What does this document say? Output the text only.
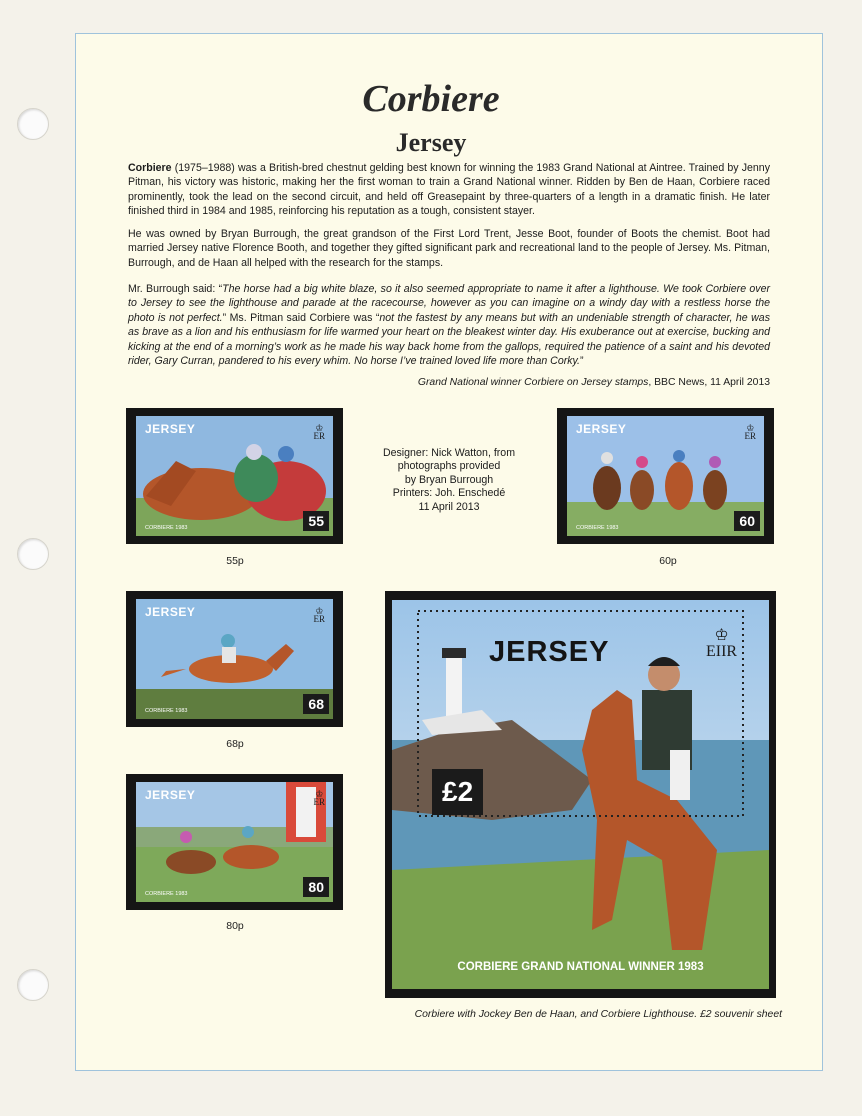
Corbiere
Jersey

Corbiere (1975–1988) was a British-bred chestnut gelding best known for winning the 1983 Grand National at Aintree. Trained by Jenny Pitman, his victory was historic, making her the first woman to train a Grand National winner. Ridden by Ben de Haan, Corbiere raced prominently, took the lead on the second circuit, and held off Greasepaint by three-quarters of a length in a dramatic finish. He later finished third in 1984 and 1985, reinforcing his reputation as a tough, consistent stayer.

He was owned by Bryan Burrough, the great grandson of the First Lord Trent, Jesse Boot, founder of Boots the chemist. Boot had married Jersey native Florence Booth, and together they gifted significant park and recreational land to the people of Jersey. Ms. Pitman, Burrough, and de Haan all helped with the research for the stamps.

Mr. Burrough said: “The horse had a big white blaze, so it also seemed appropriate to name it after a lighthouse. We took Corbiere over to Jersey to see the lighthouse and parade at the racecourse, however as you can imagine on a windy day with a restless horse the photo is not perfect.” Ms. Pitman said Corbiere was “not the fastest by any means but with an undeniable strength of character, he was as brave as a lion and his enthusiasm for life warmed your heart on the bleakest winter day. His exuberance out at exercise, bucking and kicking at the end of a morning’s work as he made his way back home from the gallops, required the patience of a saint and his devoted rider, Gary Curran, pandered to his every whim. No horse I’ve trained loved life more than Corky.”

Grand National winner Corbiere on Jersey stamps, BBC News, 11 April 2013
JERSEY	♔
ER
CORBIERE 1983	55
55p
JERSEY	♔
ER
CORBIERE 1983	60
60p
JERSEY	♔
ER
CORBIERE 1983	68
68p
JERSEY	♔
ER
CORBIERE 1983	80
80p
Designer: Nick Watton, from
photographs provided
by Bryan Burrough
Printers: Joh. Enschedé
11 April 2013
JERSEY
♔
EIIR
£2
CORBIERE GRAND NATIONAL WINNER 1983
Corbiere with Jockey Ben de Haan, and Corbiere Lighthouse. £2 souvenir sheet
